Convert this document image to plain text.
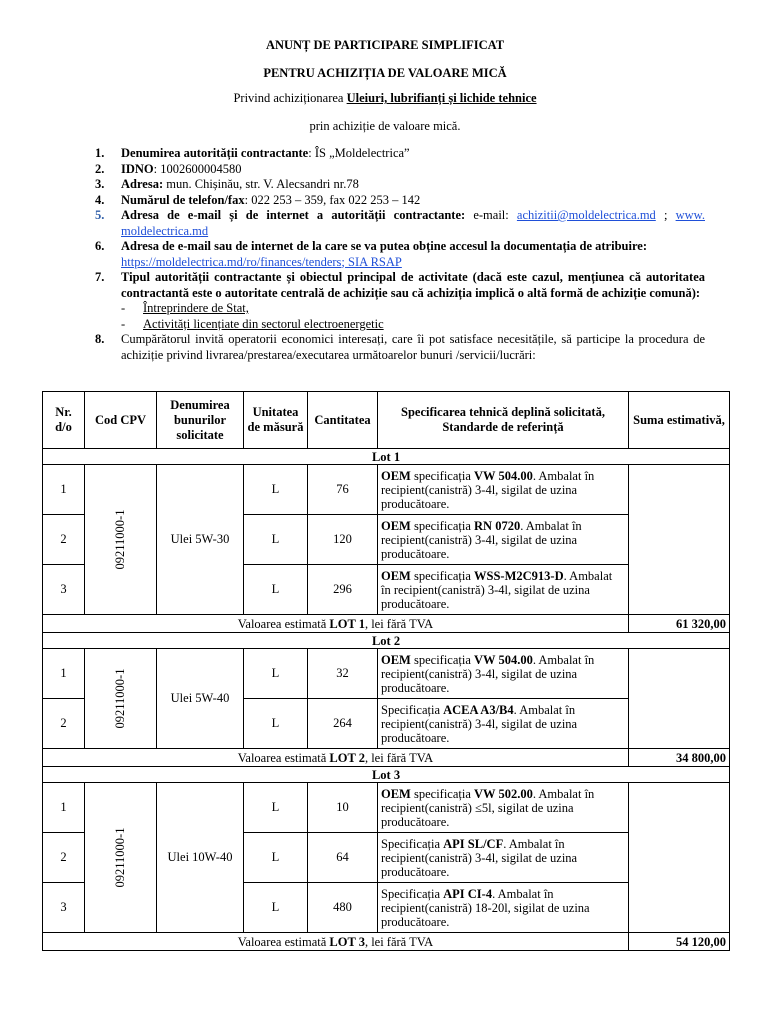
ANUNȚ DE PARTICIPARE SIMPLIFICAT
PENTRU ACHIZIȚIA DE VALOARE MICĂ
Privind achiziționarea Uleiuri, lubrifianți și lichide tehnice
prin achiziție de valoare mică.
1. Denumirea autorității contractante: ÎS „Moldelectrica”
2. IDNO: 1002600004580
3. Adresa: mun. Chișinău, str. V. Alecsandri nr.78
4. Numărul de telefon/fax: 022 253 – 359, fax 022 253 – 142
5. Adresa de e-mail și de internet a autorității contractante: e-mail: achizitii@moldelectrica.md ; www. moldelectrica.md
6. Adresa de e-mail sau de internet de la care se va putea obține accesul la documentația de atribuire:
https://moldelectrica.md/ro/finances/tenders; SIA RSAP
7. Tipul autorității contractante și obiectul principal de activitate (dacă este cazul, mențiunea că autoritatea contractantă este o autoritate centrală de achiziție sau că achiziția implică o altă formă de achiziție comună):
- Întreprindere de Stat,
- Activități licențiate din sectorul electroenergetic
8. Cumpărătorul invită operatorii economici interesați, care îi pot satisface necesitățile, să participe la procedura de achiziție privind livrarea/prestarea/executarea următoarelor bunuri /servicii/lucrări:
Nr. d/o	Cod CPV	Denumirea bunurilor solicitate	Unitatea de măsură	Cantitatea	Specificarea tehnică deplină solicitată, Standarde de referință	Suma estimativă,
Lot 1						
1	09211000-1	Ulei 5W-30	L	76	OEM specificația VW 504.00. Ambalat în recipient(canistră) 3-4l, sigilat de uzina producătoare.	
2			L	120	OEM specificația RN 0720. Ambalat în recipient(canistră) 3-4l, sigilat de uzina producătoare.	
3			L	296	OEM specificația WSS-M2C913-D. Ambalat în recipient(canistră) 3-4l, sigilat de uzina producătoare.	
Valoarea estimată LOT 1, lei fără TVA						61 320,00
Lot 2						
1	09211000-1	Ulei 5W-40	L	32	OEM specificația VW 504.00. Ambalat în recipient(canistră) 3-4l, sigilat de uzina producătoare.	
2			L	264	Specificația ACEA A3/B4. Ambalat în recipient(canistră) 3-4l, sigilat de uzina producătoare.	
Valoarea estimată LOT 2, lei fără TVA						34 800,00
Lot 3						
1	09211000-1	Ulei 10W-40	L	10	OEM specificația VW 502.00. Ambalat în recipient(canistră) ≤5l, sigilat de uzina producătoare.	
2			L	64	Specificația API SL/CF. Ambalat în recipient(canistră) 3-4l, sigilat de uzina producătoare.	
3			L	480	Specificația API CI-4. Ambalat în recipient(canistră) 18-20l, sigilat de uzina producătoare.	
Valoarea estimată LOT 3, lei fără TVA						54 120,00
